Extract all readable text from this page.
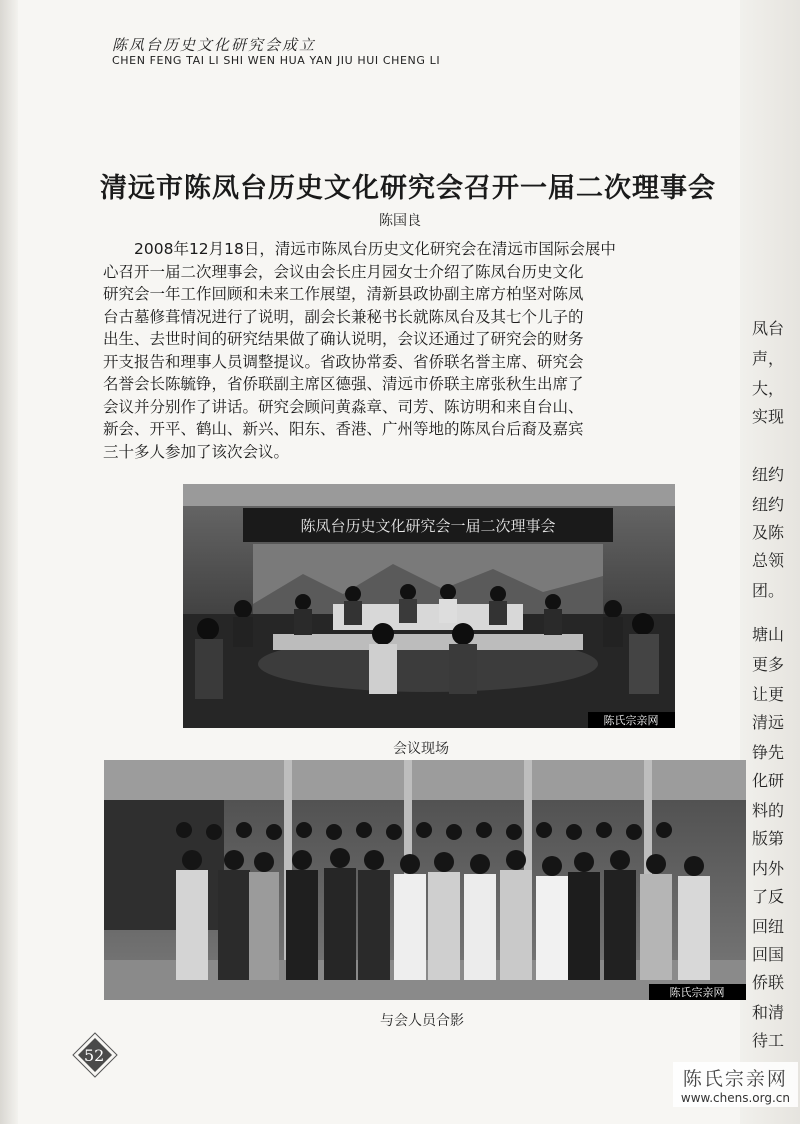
陈凤台历史文化研究会成立
CHEN FENG TAI LI SHI WEN HUA YAN JIU HUI CHENG LI
清远市陈凤台历史文化研究会召开一届二次理事会
陈国良
　　2008年12月18日，清远市陈凤台历史文化研究会在清远市国际会展中
心召开一届二次理事会，会议由会长庄月园女士介绍了陈凤台历史文化
研究会一年工作回顾和未来工作展望，清新县政协副主席方柏坚对陈凤
台古墓修葺情况进行了说明，副会长兼秘书长就陈凤台及其七个儿子的
出生、去世时间的研究结果做了确认说明，会议还通过了研究会的财务
开支报告和理事人员调整提议。省政协常委、省侨联名誉主席、研究会
名誉会长陈毓铮，省侨联副主席区德强、清远市侨联主席张秋生出席了
会议并分别作了讲话。研究会顾问黄淼章、司芳、陈访明和来自台山、
新会、开平、鹤山、新兴、阳东、香港、广州等地的陈凤台后裔及嘉宾
三十多人参加了该次会议。
陈凤台历史文化研究会一届二次理事会
陈氏宗亲网
会议现场
陈氏宗亲网
与会人员合影
凤台
声，
大，
实现
纽约
纽约
及陈
总领
团。
塘山
更多
让更
清远
铮先
化研
料的
版第
内外
了反
回纽
回国
侨联
和清
待工
52
陈氏宗亲网
www.chens.org.cn
